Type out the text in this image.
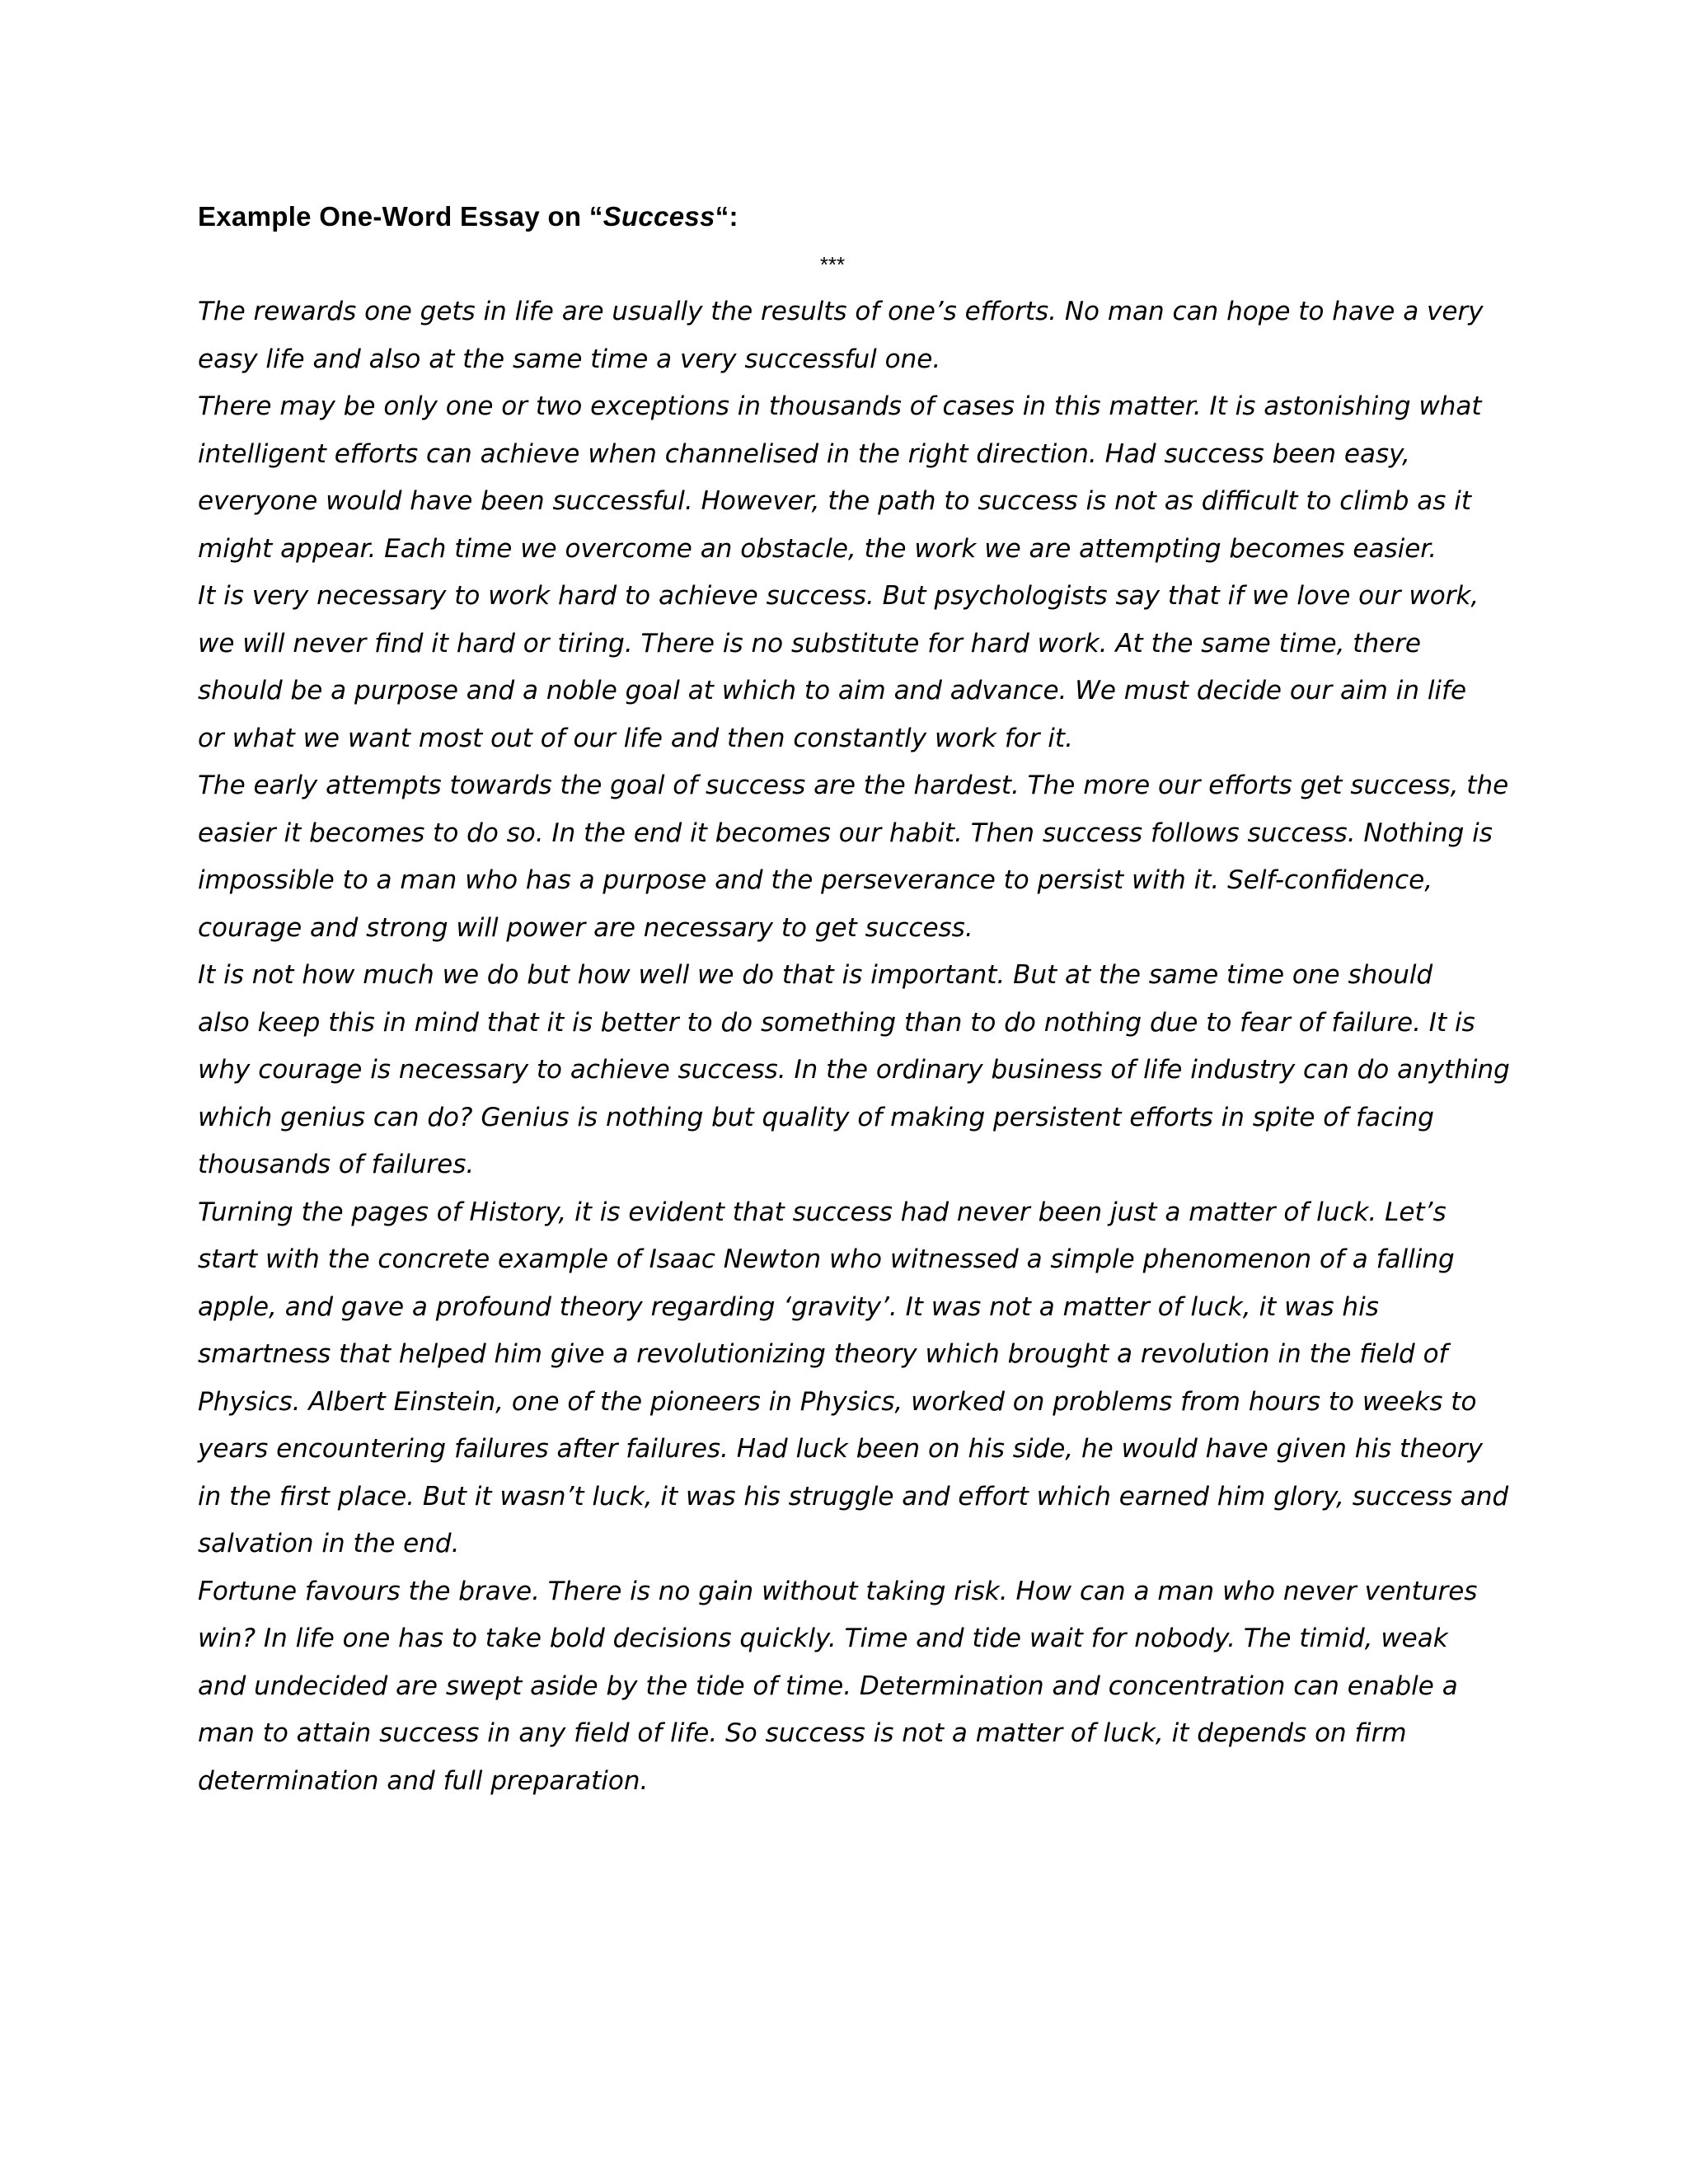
Example One-Word Essay on “Success“:
***
The rewards one gets in life are usually the results of one’s efforts. No man can hope to have a very
easy life and also at the same time a very successful one.
There may be only one or two exceptions in thousands of cases in this matter. It is astonishing what
intelligent efforts can achieve when channelised in the right direction. Had success been easy,
everyone would have been successful. However, the path to success is not as difficult to climb as it
might appear. Each time we overcome an obstacle, the work we are attempting becomes easier.
It is very necessary to work hard to achieve success. But psychologists say that if we love our work,
we will never find it hard or tiring. There is no substitute for hard work. At the same time, there
should be a purpose and a noble goal at which to aim and advance. We must decide our aim in life
or what we want most out of our life and then constantly work for it.
The early attempts towards the goal of success are the hardest. The more our efforts get success, the
easier it becomes to do so. In the end it becomes our habit. Then success follows success. Nothing is
impossible to a man who has a purpose and the perseverance to persist with it. Self-confidence,
courage and strong will power are necessary to get success.
It is not how much we do but how well we do that is important. But at the same time one should
also keep this in mind that it is better to do something than to do nothing due to fear of failure. It is
why courage is necessary to achieve success. In the ordinary business of life industry can do anything
which genius can do? Genius is nothing but quality of making persistent efforts in spite of facing
thousands of failures.
Turning the pages of History, it is evident that success had never been just a matter of luck. Let’s
start with the concrete example of Isaac Newton who witnessed a simple phenomenon of a falling
apple, and gave a profound theory regarding ‘gravity’. It was not a matter of luck, it was his
smartness that helped him give a revolutionizing theory which brought a revolution in the field of
Physics. Albert Einstein, one of the pioneers in Physics, worked on problems from hours to weeks to
years encountering failures after failures. Had luck been on his side, he would have given his theory
in the first place. But it wasn’t luck, it was his struggle and effort which earned him glory, success and
salvation in the end.
Fortune favours the brave. There is no gain without taking risk. How can a man who never ventures
win? In life one has to take bold decisions quickly. Time and tide wait for nobody. The timid, weak
and undecided are swept aside by the tide of time. Determination and concentration can enable a
man to attain success in any field of life. So success is not a matter of luck, it depends on firm
determination and full preparation.
